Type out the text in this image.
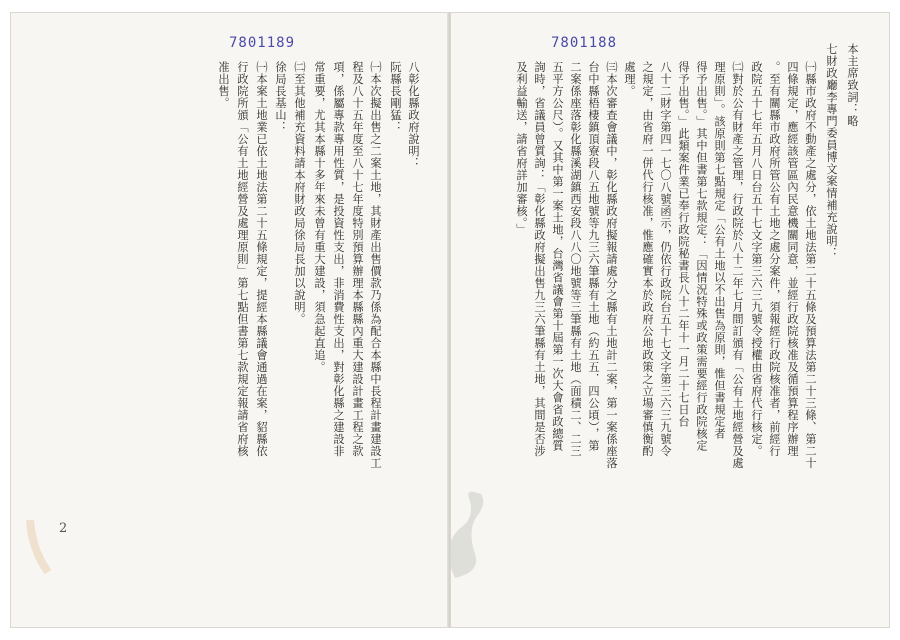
7801189
八彰化縣政府說明：
阮縣長剛猛：
㈠本次擬出售之二案土地，其財產出售價款乃係為配合本縣中長程計畫建設工
程及八十五年度至八十七年度特別預算辦理本縣縣內重大建設計畫工程之款
項，係屬專款專用性質，是投資性支出，非消費性支出，對彰化縣之建設非
常重要，尤其本縣十多年來未曾有重大建設，須急起直追。
㈡至其他補充資料請本府財政局徐局長加以說明。
徐局長基山：
㈠本案土地業已依土地法第二十五條規定，提經本縣議會通過在案，貂縣依
行政院所頒「公有土地經營及處理原則」第七點但書第七款規定報請省府核
准出售。
2
7801188	本主席致詞：略
七財政廳李專門委員博文案情補充說明：
㈠縣市政府不動產之處分，依土地法第二十五條及預算法第二十三條、第二十
四條規定，應經該管區內民意機關同意，並經行政院核准及循預算程序辦理
。至有關縣市政府所管公有土地之處分案件，須報經行政院核准者，前經行
政院五十七年五月八日台五十七文字第三六三九號令授權由省府代行核定。
㈡對於公有財產之管理，行政院於八十二年七月間訂頒有「公有土地經營及處
理原則」。該原則第七點規定「公有土地以不出售為原則，惟但書規定者
得予出售。」其中但書第七款規定：「因情況特殊或政策需要經行政院核定
得予出售。」此類案件業已奉行政院秘書長八十二年十一月二十七日台
八十二財字第四一七〇八號函示，仍依行政院台五十七文字第三六三九號令
之規定，由省府一併代行核准，惟應確實本於政府公地政策之立場審慎衡酌
處理。
㈢本次審查會議中，彰化縣政府擬報請處分之縣有土地計二案，第一案係座落
台中縣梧棲鎮頂寮段八五地號等九三六筆縣有土地（約五五．四公頃），第
二案係座落彰化縣溪湖鎮西安段八八〇地號等三筆縣有土地（面積二、二三
五平方公尺）。又其中第一案土地，台灣省議會第十屆第一次大會省政總質
詢時，省議員曾質詢：「彰化縣政府擬出售九三六筆縣有土地，其間是否涉
及利益輸送，請省府詳加審核。」
